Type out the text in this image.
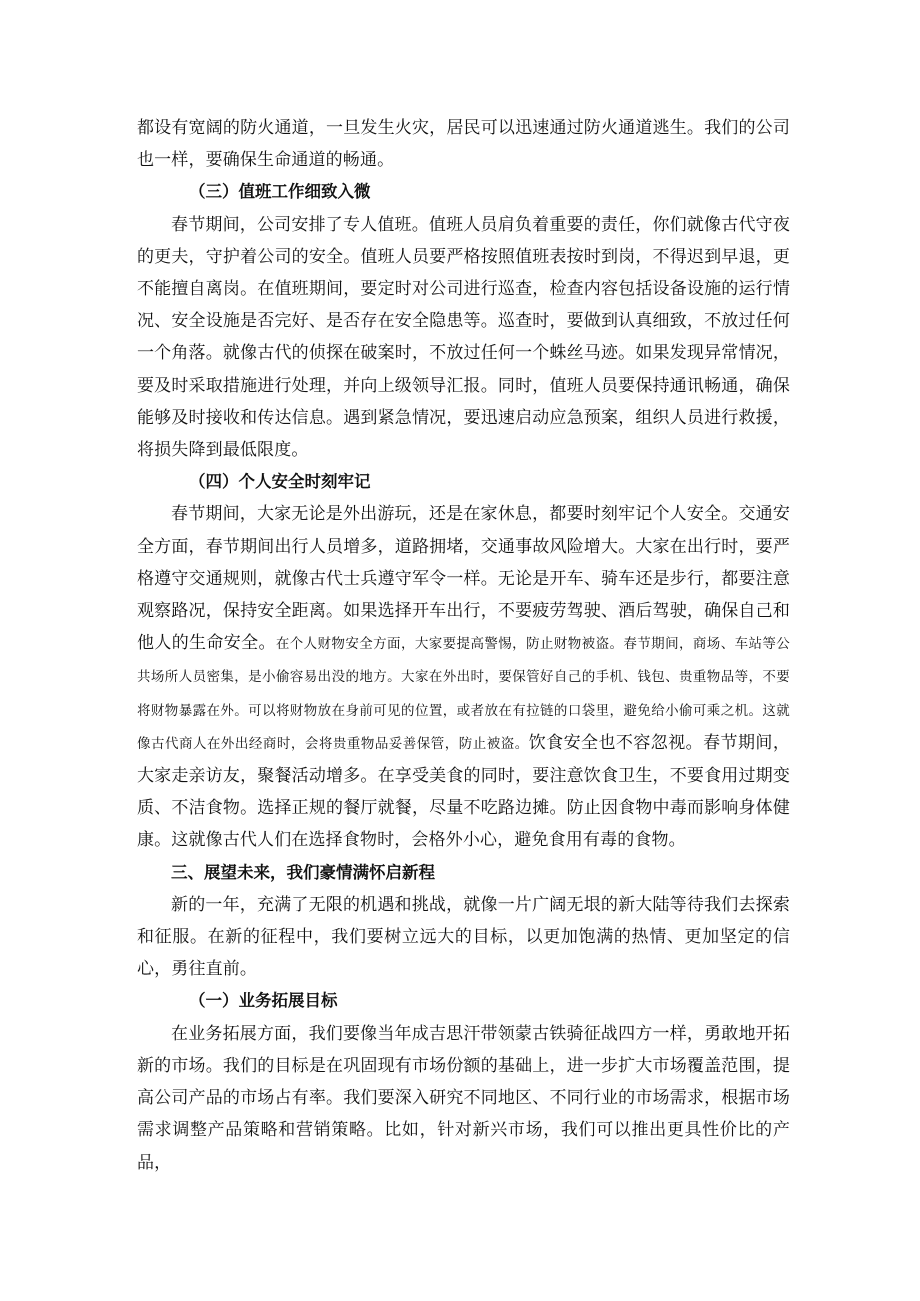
都设有宽阔的防火通道，一旦发生火灾，居民可以迅速通过防火通道逃生。我们的公司也一样，要确保生命通道的畅通。

（三）值班工作细致入微

春节期间，公司安排了专人值班。值班人员肩负着重要的责任，你们就像古代守夜的更夫，守护着公司的安全。值班人员要严格按照值班表按时到岗，不得迟到早退，更不能擅自离岗。在值班期间，要定时对公司进行巡查，检查内容包括设备设施的运行情况、安全设施是否完好、是否存在安全隐患等。巡查时，要做到认真细致，不放过任何一个角落。就像古代的侦探在破案时，不放过任何一个蛛丝马迹。如果发现异常情况，要及时采取措施进行处理，并向上级领导汇报。同时，值班人员要保持通讯畅通，确保能够及时接收和传达信息。遇到紧急情况，要迅速启动应急预案，组织人员进行救援，将损失降到最低限度。

（四）个人安全时刻牢记

春节期间，大家无论是外出游玩，还是在家休息，都要时刻牢记个人安全。交通安全方面，春节期间出行人员增多，道路拥堵，交通事故风险增大。大家在出行时，要严格遵守交通规则，就像古代士兵遵守军令一样。无论是开车、骑车还是步行，都要注意观察路况，保持安全距离。如果选择开车出行，不要疲劳驾驶、酒后驾驶，确保自己和他人的生命安全。在个人财物安全方面，大家要提高警惕，防止财物被盗。春节期间，商场、车站等公共场所人员密集，是小偷容易出没的地方。大家在外出时，要保管好自己的手机、钱包、贵重物品等，不要将财物暴露在外。可以将财物放在身前可见的位置，或者放在有拉链的口袋里，避免给小偷可乘之机。这就像古代商人在外出经商时，会将贵重物品妥善保管，防止被盗。饮食安全也不容忽视。春节期间，大家走亲访友，聚餐活动增多。在享受美食的同时，要注意饮食卫生，不要食用过期变质、不洁食物。选择正规的餐厅就餐，尽量不吃路边摊。防止因食物中毒而影响身体健康。这就像古代人们在选择食物时，会格外小心，避免食用有毒的食物。

三、展望未来，我们豪情满怀启新程

新的一年，充满了无限的机遇和挑战，就像一片广阔无垠的新大陆等待我们去探索和征服。在新的征程中，我们要树立远大的目标，以更加饱满的热情、更加坚定的信心，勇往直前。

（一）业务拓展目标

在业务拓展方面，我们要像当年成吉思汗带领蒙古铁骑征战四方一样，勇敢地开拓新的市场。我们的目标是在巩固现有市场份额的基础上，进一步扩大市场覆盖范围，提高公司产品的市场占有率。我们要深入研究不同地区、不同行业的市场需求，根据市场需求调整产品策略和营销策略。比如，针对新兴市场，我们可以推出更具性价比的产品，
